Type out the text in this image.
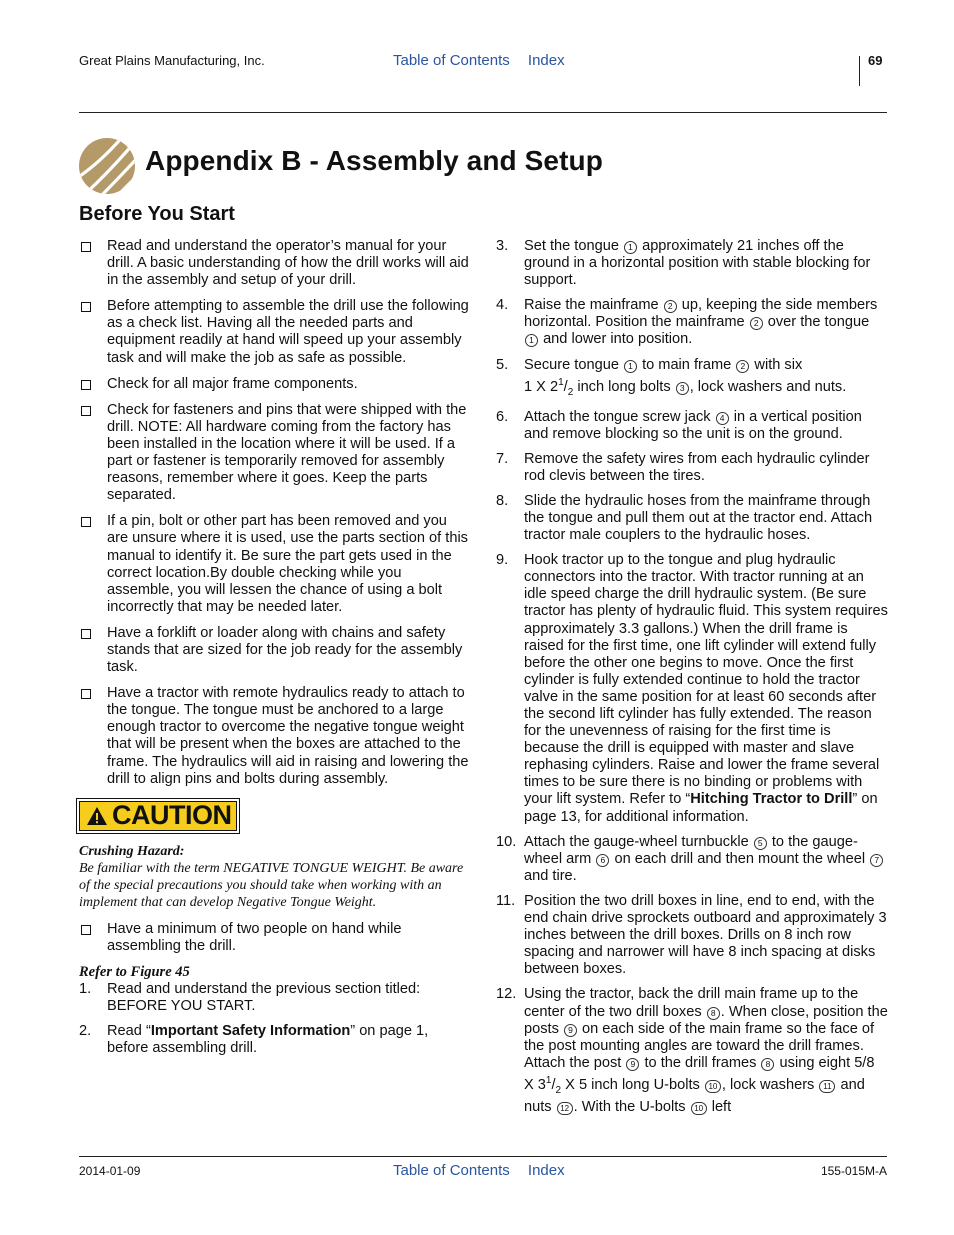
Great Plains Manufacturing, Inc.	Table of Contents Index	69
Appendix B - Assembly and Setup
Before You Start
Read and understand the operator’s manual for your drill. A basic understanding of how the drill works will aid in the assembly and setup of your drill.
Before attempting to assemble the drill use the following as a check list. Having all the needed parts and equipment readily at hand will speed up your assembly task and will make the job as safe as possible.
Check for all major frame components.
Check for fasteners and pins that were shipped with the drill. NOTE: All hardware coming from the factory has been installed in the location where it will be used. If a part or fastener is temporarily removed for assembly reasons, remember where it goes. Keep the parts separated.
If a pin, bolt or other part has been removed and you are unsure where it is used, use the parts section of this manual to identify it. Be sure the part gets used in the correct location.By double checking while you assemble, you will lessen the chance of using a bolt incorrectly that may be needed later.
Have a forklift or loader along with chains and safety stands that are sized for the job ready for the assembly task.
Have a tractor with remote hydraulics ready to attach to the tongue. The tongue must be anchored to a large enough tractor to overcome the negative tongue weight that will be present when the boxes are attached to the frame. The hydraulics will aid in raising and lowering the drill to align pins and bolts during assembly.
CAUTION
Crushing Hazard:
Be familiar with the term NEGATIVE TONGUE WEIGHT. Be aware of the special precautions you should take when working with an implement that can develop Negative Tongue Weight.
Have a minimum of two people on hand while assembling the drill.
Refer to Figure 45
1. Read and understand the previous section titled: BEFORE YOU START.
2. Read “Important Safety Information” on page 1, before assembling drill.
3. Set the tongue 1 approximately 21 inches off the ground in a horizontal position with stable blocking for support.
4. Raise the mainframe 2 up, keeping the side members horizontal. Position the mainframe 2 over the tongue 1 and lower into position.
5. Secure tongue 1 to main frame 2 with six
1 X $2^1/_2$ inch long bolts 3 , lock washers and nuts.
6. Attach the tongue screw jack 4 in a vertical position and remove blocking so the unit is on the ground.
7. Remove the safety wires from each hydraulic cylinder rod clevis between the tires.
8. Slide the hydraulic hoses from the mainframe through the tongue and pull them out at the tractor end. Attach tractor male couplers to the hydraulic hoses.
9. Hook tractor up to the tongue and plug hydraulic connectors into the tractor. With tractor running at an idle speed charge the drill hydraulic system. (Be sure tractor has plenty of hydraulic fluid. This system requires approximately 3.3 gallons.) When the drill frame is raised for the first time, one lift cylinder will extend fully before the other one begins to move. Once the first cylinder is fully extended continue to hold the tractor valve in the same position for at least 60 seconds after the second lift cylinder has fully extended. The reason for the unevenness of raising for the first time is because the drill is equipped with master and slave rephasing cylinders. Raise and lower the frame several times to be sure there is no binding or problems with your lift system. Refer to “Hitching Tractor to Drill” on page 13, for additional information.
10. Attach the gauge-wheel turnbuckle 5 to the gauge-wheel arm 6 on each drill and then mount the wheel 7 and tire.
11. Position the two drill boxes in line, end to end, with the end chain drive sprockets outboard and approximately 3 inches between the drill boxes. Drills on 8 inch row spacing and narrower will have 8 inch spacing at disks between boxes.
12. Using the tractor, back the drill main frame up to the center of the two drill boxes 8 . When close, position the posts 9 on each side of the main frame so the face of the post mounting angles are toward the drill frames. Attach the post 9 to the drill frames 8 using eight 5/8 X $3^1/_2$ X 5 inch long U-bolts 10 , lock washers 11 and nuts 12 . With the U-bolts 10 left
2014-01-09	Table of Contents Index	155-015M-A
